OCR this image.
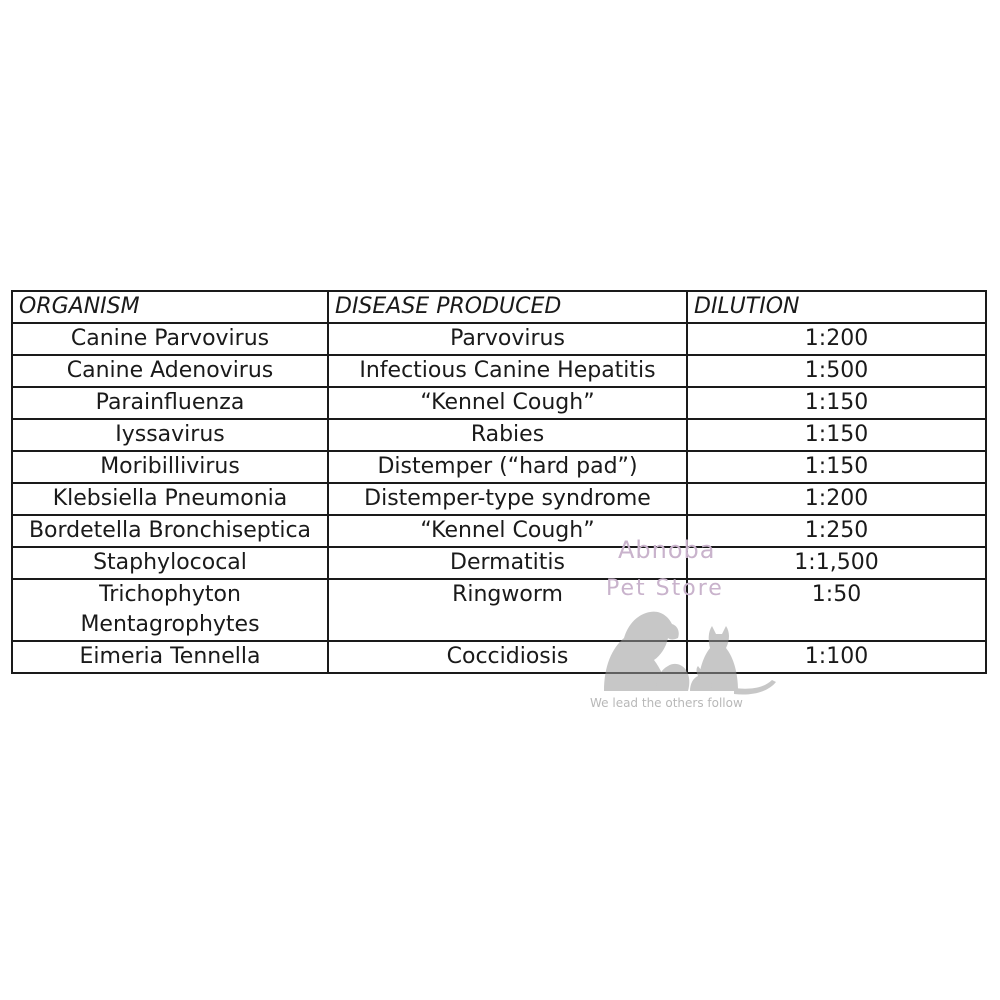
ORGANISM	DISEASE PRODUCED	DILUTION
Canine Parvovirus	Parvovirus	1:200
Canine Adenovirus	Infectious Canine Hepatitis	1:500
Parainfluenza	“Kennel Cough”	1:150
Iyssavirus	Rabies	1:150
Moribillivirus	Distemper (“hard pad”)	1:150
Klebsiella Pneumonia	Distemper-type syndrome	1:200
Bordetella Bronchiseptica	“Kennel Cough”	1:250
Staphylococal	Dermatitis	1:1,500
Trichophyton Mentagrophytes	Ringworm	1:50
Eimeria Tennella	Coccidiosis	1:100
Abnoba
Pet Store
We lead the others follow
